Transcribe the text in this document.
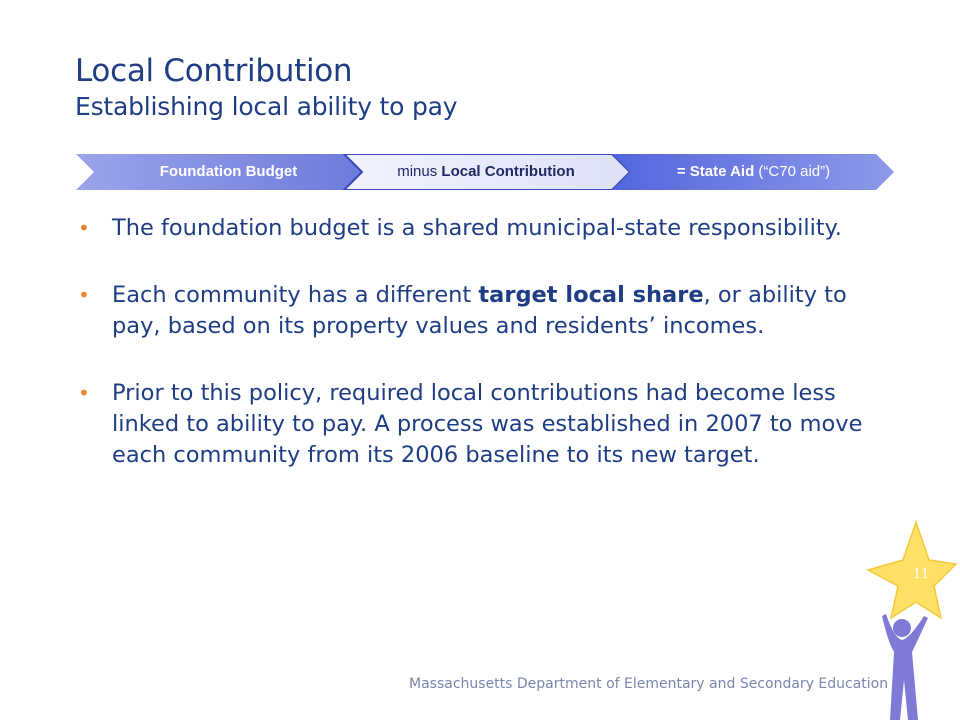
Local Contribution
Establishing local ability to pay
Foundation Budget	minus Local Contribution	= State Aid (“C70 aid”)
• The foundation budget is a shared municipal-state responsibility.
• Each community has a different target local share, or ability to pay, based on its property values and residents’ incomes.
• Prior to this policy, required local contributions had become less linked to ability to pay. A process was established in 2007 to move each community from its 2006 baseline to its new target.
11
Massachusetts Department of Elementary and Secondary Education
